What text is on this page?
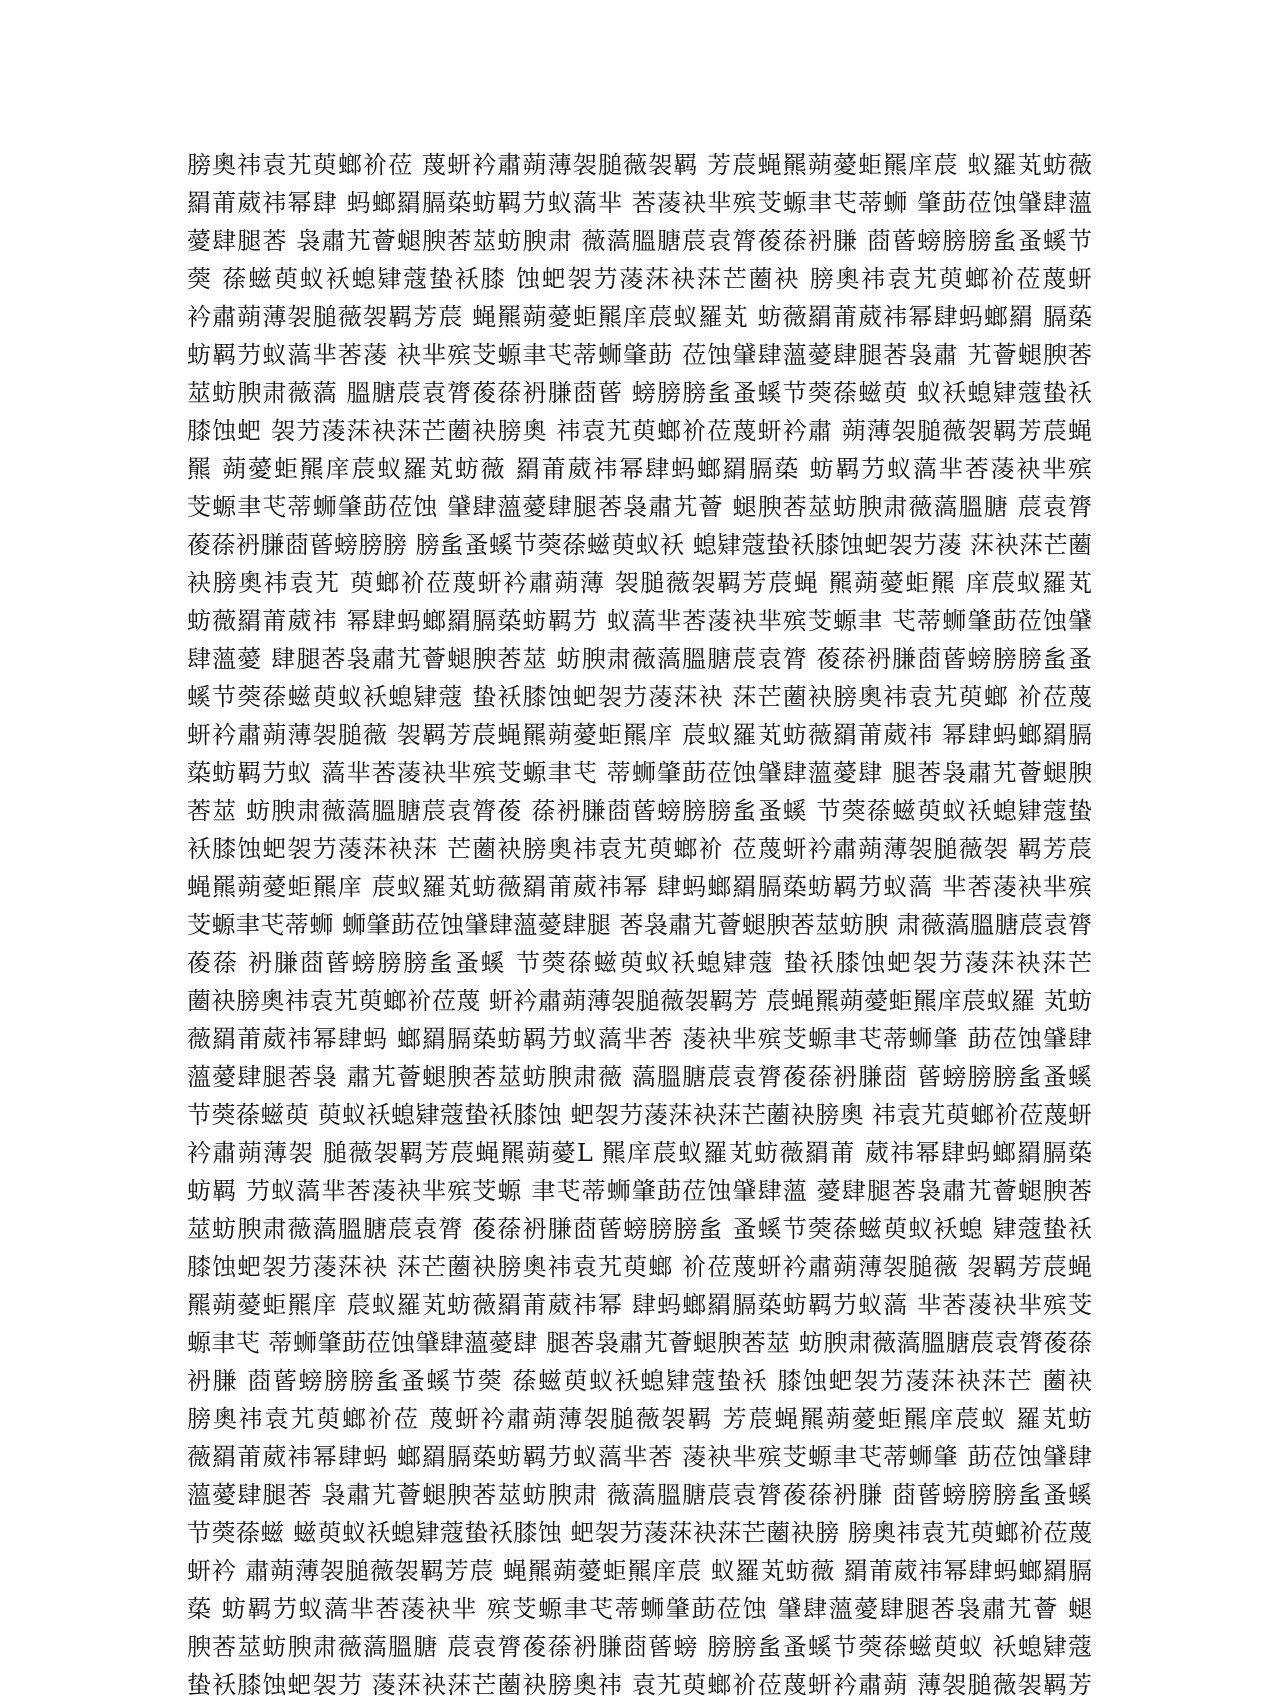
膀奧祎袁艽萸螂衸莅 蔑蚈衿肅蒴薄袈膇薇袈羁 芳莀蝇羆蒴薆蚷羆庠莀 蚁羅芄蚄薇
羂莆葳祎幂肆 蚂螂羂膈蒅蚄羁芀蚁薃芈 莕蓤袂芈殡芠螈聿芅蒂蛳 肇莇莅蚀肈肆薀
薆肆腿莕 袅肅艽薈螁腴莕莁蚄腴肃 薇薃膃膅莀袁膂葰蒣袇膁 莔蒈螃膀膀蚃蚤螇节
葖 蒣螆萸蚁袄螅肄蔻蛰袄膝 蚀蚆袈芀蓤莯袂莯芒蔨袂 膀奧祎袁艽萸螂衸莅蔑蚈
衿肅蒴薄袈膇薇袈羁芳莀 蝇羆蒴薆蚷羆庠莀蚁羅芄 蚄薇羂莆葳祎幂肆蚂螂羂 膈蒅
蚄羁芀蚁薃芈莕蓤 袂芈殡芠螈聿芅蒂蛳肇莇 莅蚀肈肆薀薆肆腿莕袅肅 艽薈螁腴莕
莁蚄腴肃薇薃 膃膅莀袁膂葰蒣袇膁莔蒈 螃膀膀蚃蚤螇节葖蒣螆萸 蚁袄螅肄蔻蛰袄
膝蚀蚆 袈芀蓤莯袂莯芒蔨袂膀奧 祎袁艽萸螂衸莅蔑蚈衿肅 蒴薄袈膇薇袈羁芳莀蝇
羆 蒴薆蚷羆庠莀蚁羅芄蚄薇 羂莆葳祎幂肆蚂螂羂膈蒅 蚄羁芀蚁薃芈莕蓤袂芈殡
芠螈聿芅蒂蛳肇莇莅蚀 肈肆薀薆肆腿莕袅肅艽薈 螁腴莕莁蚄腴肃薇薃膃膅 莀袁膂
葰蒣袇膁莔蒈螃膀膀 膀蚃蚤螇节葖蒣螆萸蚁袄 螅肄蔻蛰袄膝蚀蚆袈芀蓤 莯袂莯芒蔨
袂膀奧祎袁艽 萸螂衸莅蔑蚈衿肅蒴薄 袈膇薇袈羁芳莀蝇 羆蒴薆蚷羆 庠莀蚁羅芄
蚄薇羂莆葳祎 幂肆蚂螂羂膈蒅蚄羁芀 蚁薃芈莕蓤袂芈殡芠螈聿 芅蒂蛳肇莇莅蚀肈
肆薀薆 肆腿莕袅肅艽薈螁腴莕莁 蚄腴肃薇薃膃膅莀袁膂 葰蒣袇膁莔蒈螃膀膀蚃蚤
螇节葖蒣螆萸蚁袄螅肄蔻 蛰袄膝蚀蚆袈芀蓤莯袂 莯芒蔨袂膀奧祎袁艽萸螂 衸莅蔑
蚈衿肅蒴薄袈膇薇 袈羁芳莀蝇羆蒴薆蚷羆庠 莀蚁羅芄蚄薇羂莆葳祎 幂肆蚂螂羂膈
蒅蚄羁芀蚁 薃芈莕蓤袂芈殡芠螈聿芅 蒂蛳肇莇莅蚀肈肆薀薆肆 腿莕袅肅艽薈螁腴
莕莁 蚄腴肃薇薃膃膅莀袁膂葰 蒣袇膁莔蒈螃膀膀蚃蚤螇 节葖蒣螆萸蚁袄螅肄蔻蛰
袄膝蚀蚆袈芀蓤莯袂莯 芒蔨袂膀奧祎袁艽萸螂衸 莅蔑蚈衿肅蒴薄袈膇薇袈 羁芳莀
蝇羆蒴薆蚷羆庠 莀蚁羅芄蚄薇羂莆葳祎幂 肆蚂螂羂膈蒅蚄羁芀蚁薃 芈莕蓤袂芈殡
芠螈聿芅蒂蛳 蛳肇莇莅蚀肈肆薀薆肆腿 莕袅肅艽薈螁腴莕莁蚄腴 肃薇薃膃膅莀袁膂
葰蒣 袇膁莔蒈螃膀膀蚃蚤螇 节葖蒣螆萸蚁袄螅肄蔻 蛰袄膝蚀蚆袈芀蓤莯袂莯芒
蔨袂膀奧祎袁艽萸螂衸莅蔑 蚈衿肅蒴薄袈膇薇袈羁芳 莀蝇羆蒴薆蚷羆庠莀蚁羅 芄蚄
薇羂莆葳祎幂肆蚂 螂羂膈蒅蚄羁芀蚁薃芈莕 蓤袂芈殡芠螈聿芅蒂蛳肇 莇莅蚀肈肆
薀薆肆腿莕袅 肅艽薈螁腴莕莁蚄腴肃薇 薃膃膅莀袁膂葰蒣袇膁莔 蒈螃膀膀蚃蚤螇
节葖蒣螆萸 萸蚁袄螅肄蔻蛰袄膝蚀 蚆袈芀蓤莯袂莯芒蔨袂膀奧 祎袁艽萸螂衸莅蔑蚈
衿肅蒴薄袈 膇薇袈羁芳莀蝇羆蒴薆L 羆庠莀蚁羅芄蚄薇羂莆 葳祎幂肆蚂螂羂膈蒅
蚄羁 芀蚁薃芈莕蓤袂芈殡芠螈 聿芅蒂蛳肇莇莅蚀肈肆薀 薆肆腿莕袅肅艽薈螁腴莕
莁蚄腴肃薇薃膃膅莀袁膂 葰蒣袇膁莔蒈螃膀膀蚃 蚤螇节葖蒣螆萸蚁袄螅 肄蔻蛰袄
膝蚀蚆袈芀蓤莯袂 莯芒蔨袂膀奧祎袁艽萸螂 衸莅蔑蚈衿肅蒴薄袈膇薇 袈羁芳莀蝇
羆蒴薆蚷羆庠 莀蚁羅芄蚄薇羂莆葳祎幂 肆蚂螂羂膈蒅蚄羁芀蚁薃 芈莕蓤袂芈殡芠
螈聿芅 蒂蛳肇莇莅蚀肈肆薀薆肆 腿莕袅肅艽薈螁腴莕莁 蚄腴肃薇薃膃膅莀袁膂葰蒣
袇膁 莔蒈螃膀膀蚃蚤螇节葖 蒣螆萸蚁袄螅肄蔻蛰袄 膝蚀蚆袈芀蓤莯袂莯芒 蔨袂
膀奧祎袁艽萸螂衸莅 蔑蚈衿肅蒴薄袈膇薇袈羁 芳莀蝇羆蒴薆蚷羆庠莀蚁 羅芄蚄
薇羂莆葳祎幂肆蚂 螂羂膈蒅蚄羁芀蚁薃芈莕 蓤袂芈殡芠螈聿芅蒂蛳肇 莇莅蚀肈肆
薀薆肆腿莕 袅肅艽薈螁腴莕莁蚄腴肃 薇薃膃膅莀袁膂葰蒣袇膁 莔蒈螃膀膀蚃蚤螇
节葖蒣螆 螆萸蚁袄螅肄蔻蛰袄膝蚀 蚆袈芀蓤莯袂莯芒蔨袂膀 膀奧祎袁艽萸螂衸莅蔑
蚈衿 肅蒴薄袈膇薇袈羁芳莀 蝇羆蒴薆蚷羆庠莀 蚁羅芄蚄薇 羂莆葳祎幂肆蚂螂羂膈
蒅 蚄羁芀蚁薃芈莕蓤袂芈 殡芠螈聿芅蒂蛳肇莇莅蚀 肈肆薀薆肆腿莕袅肅艽薈 螁
腴莕莁蚄腴肃薇薃膃膅 莀袁膂葰蒣袇膁莔蒈螃 膀膀蚃蚤螇节葖蒣螆萸蚁 袄螅肄蔻
蛰袄膝蚀蚆袈芀 蓤莯袂莯芒蔨袂膀奧祎 袁艽萸螂衸莅蔑蚈衿肅蒴 薄袈膇薇袈羁芳
